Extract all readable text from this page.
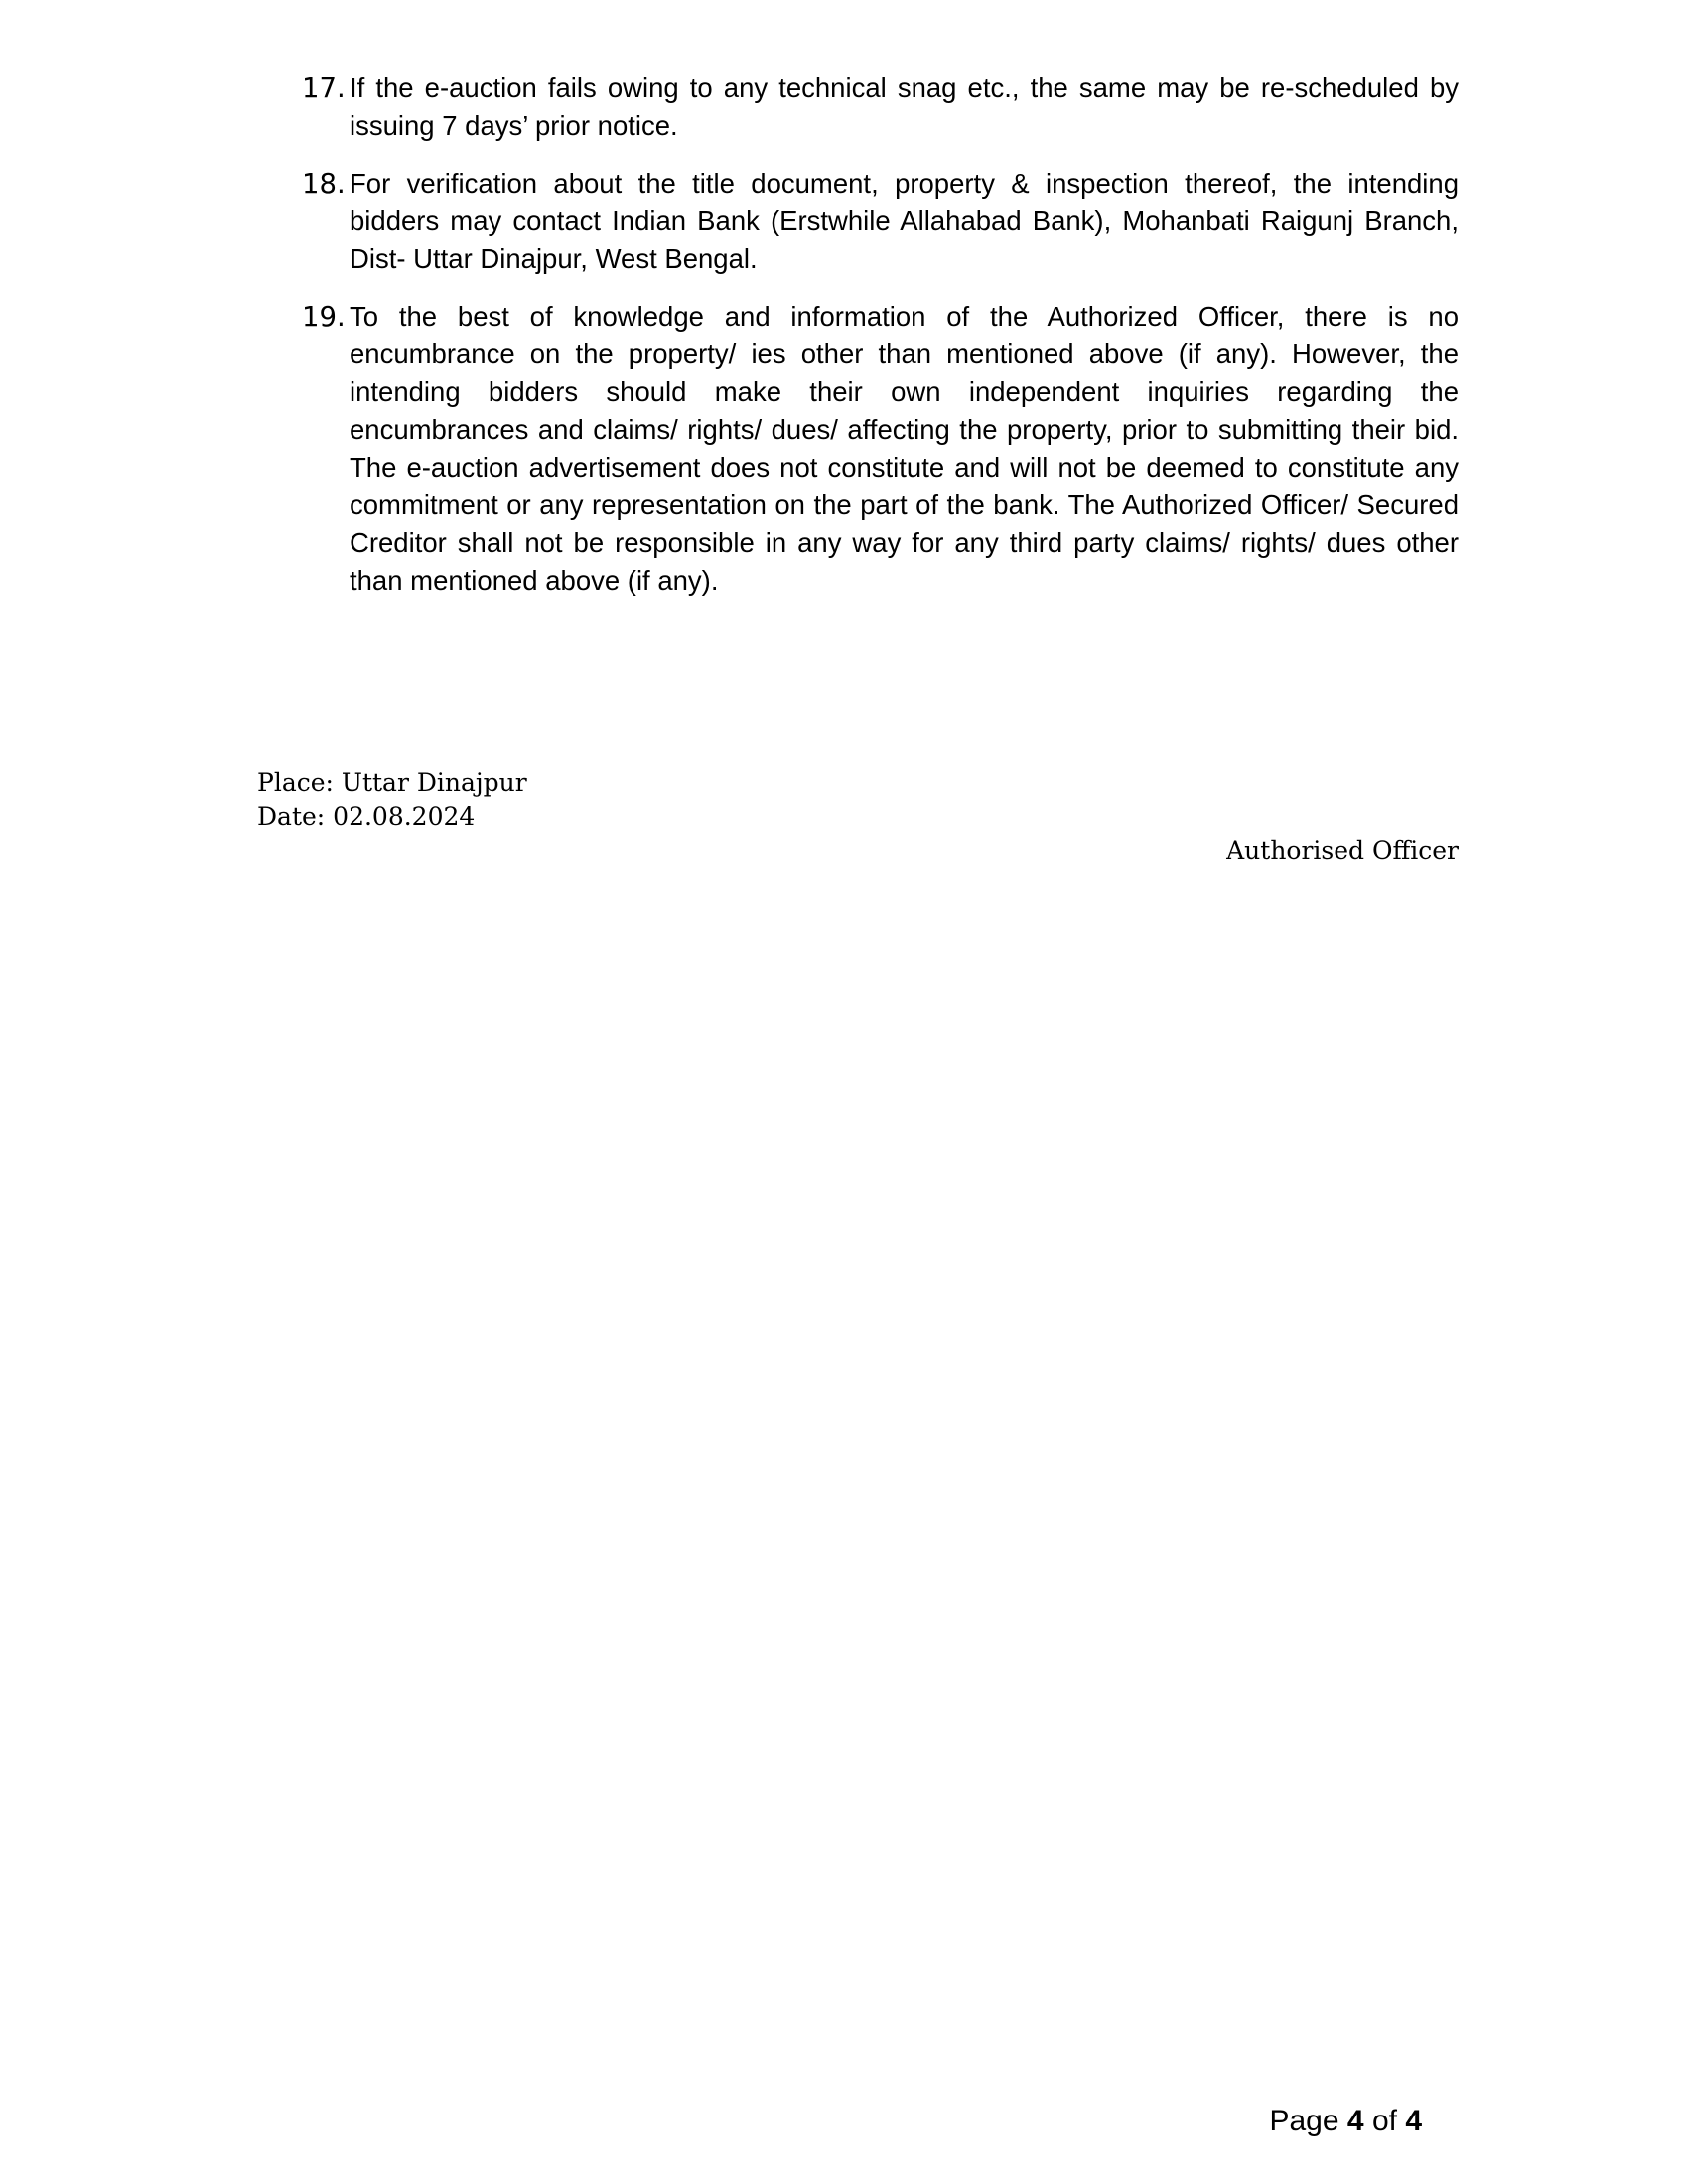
17. If the e-auction fails owing to any technical snag etc., the same may be re-scheduled by issuing 7 days’ prior notice.
18. For verification about the title document, property & inspection thereof, the intending bidders may contact Indian Bank (Erstwhile Allahabad Bank), Mohanbati Raigunj Branch, Dist- Uttar Dinajpur, West Bengal.
19. To the best of knowledge and information of the Authorized Officer, there is no encumbrance on the property/ ies other than mentioned above (if any). However, the intending bidders should make their own independent inquiries regarding the encumbrances and claims/ rights/ dues/ affecting the property, prior to submitting their bid. The e-auction advertisement does not constitute and will not be deemed to constitute any commitment or any representation on the part of the bank. The Authorized Officer/ Secured Creditor shall not be responsible in any way for any third party claims/ rights/ dues other than mentioned above (if any).
Place: Uttar Dinajpur
Date: 02.08.2024
Authorised Officer
Page 4 of 4
